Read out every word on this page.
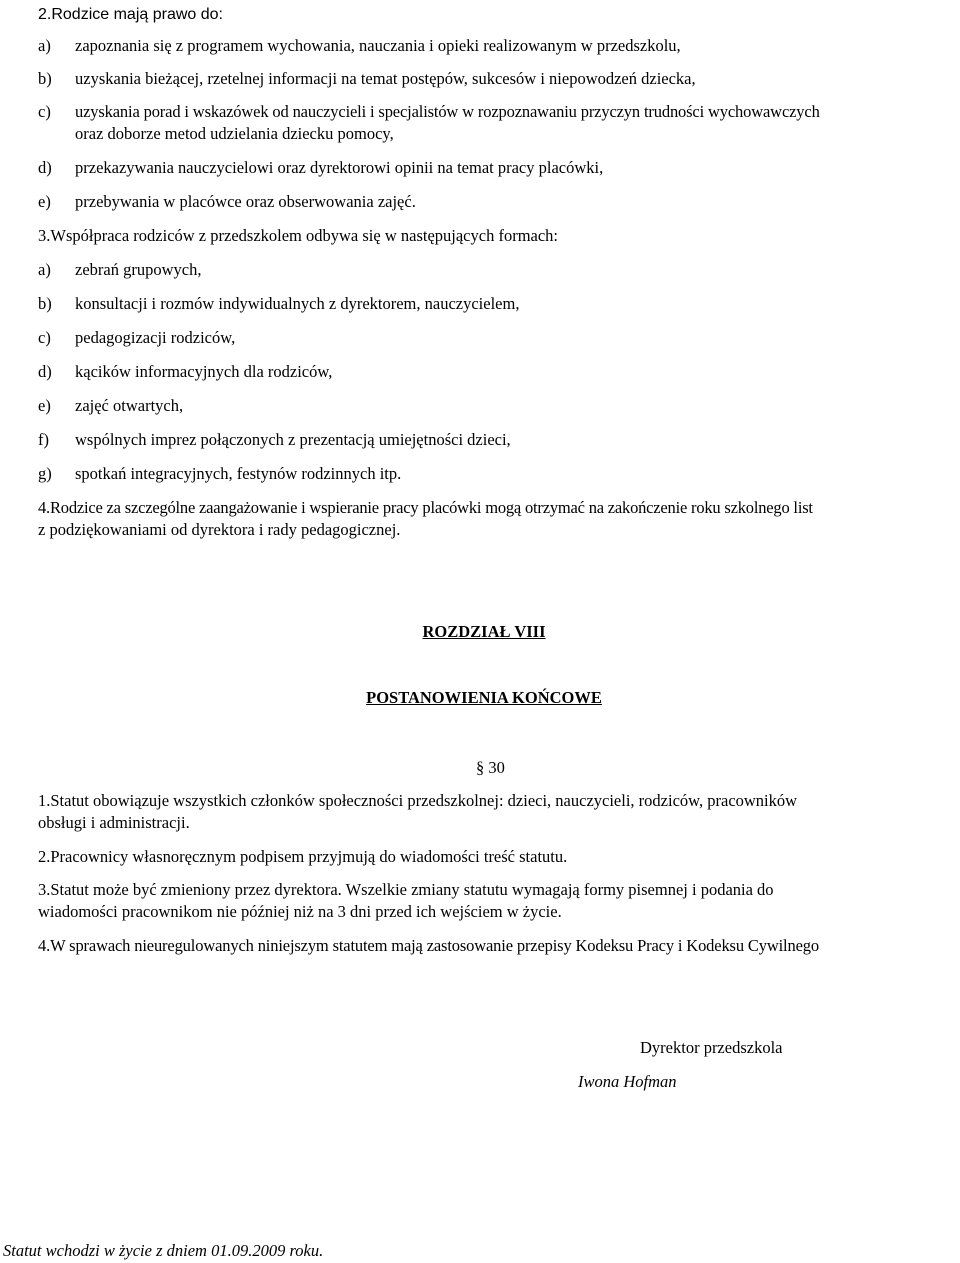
2.Rodzice mają prawo do:
a) zapoznania się z programem wychowania, nauczania i opieki realizowanym w przedszkolu,
b) uzyskania bieżącej, rzetelnej informacji na temat postępów, sukcesów i niepowodzeń dziecka,
c) uzyskania porad i wskazówek od nauczycieli i specjalistów w rozpoznawaniu przyczyn trudności wychowawczych
oraz doborze metod udzielania dziecku pomocy,
d) przekazywania nauczycielowi oraz dyrektorowi opinii na temat pracy placówki,
e) przebywania w placówce oraz obserwowania zajęć.
3.Współpraca rodziców z przedszkolem odbywa się w następujących formach:
a) zebrań grupowych,
b) konsultacji i rozmów indywidualnych z dyrektorem, nauczycielem,
c) pedagogizacji rodziców,
d) kącików informacyjnych dla rodziców,
e) zajęć otwartych,
f) wspólnych imprez połączonych z prezentacją umiejętności dzieci,
g) spotkań integracyjnych, festynów rodzinnych itp.
4.Rodzice za szczególne zaangażowanie i wspieranie pracy placówki mogą otrzymać na zakończenie roku szkolnego list
z podziękowaniami od dyrektora i rady pedagogicznej.
ROZDZIAŁ VIII
POSTANOWIENIA KOŃCOWE
§ 30
1.Statut obowiązuje wszystkich członków społeczności przedszkolnej: dzieci, nauczycieli, rodziców, pracowników
obsługi i administracji.
2.Pracownicy własnoręcznym podpisem przyjmują do wiadomości treść statutu.
3.Statut może być zmieniony przez dyrektora. Wszelkie zmiany statutu wymagają formy pisemnej i podania do
wiadomości pracownikom nie później niż na 3 dni przed ich wejściem w życie.
4.W sprawach nieuregulowanych niniejszym statutem mają zastosowanie przepisy Kodeksu Pracy i Kodeksu Cywilnego
Dyrektor przedszkola
Iwona Hofman
Statut wchodzi w życie z dniem 01.09.2009 roku.
